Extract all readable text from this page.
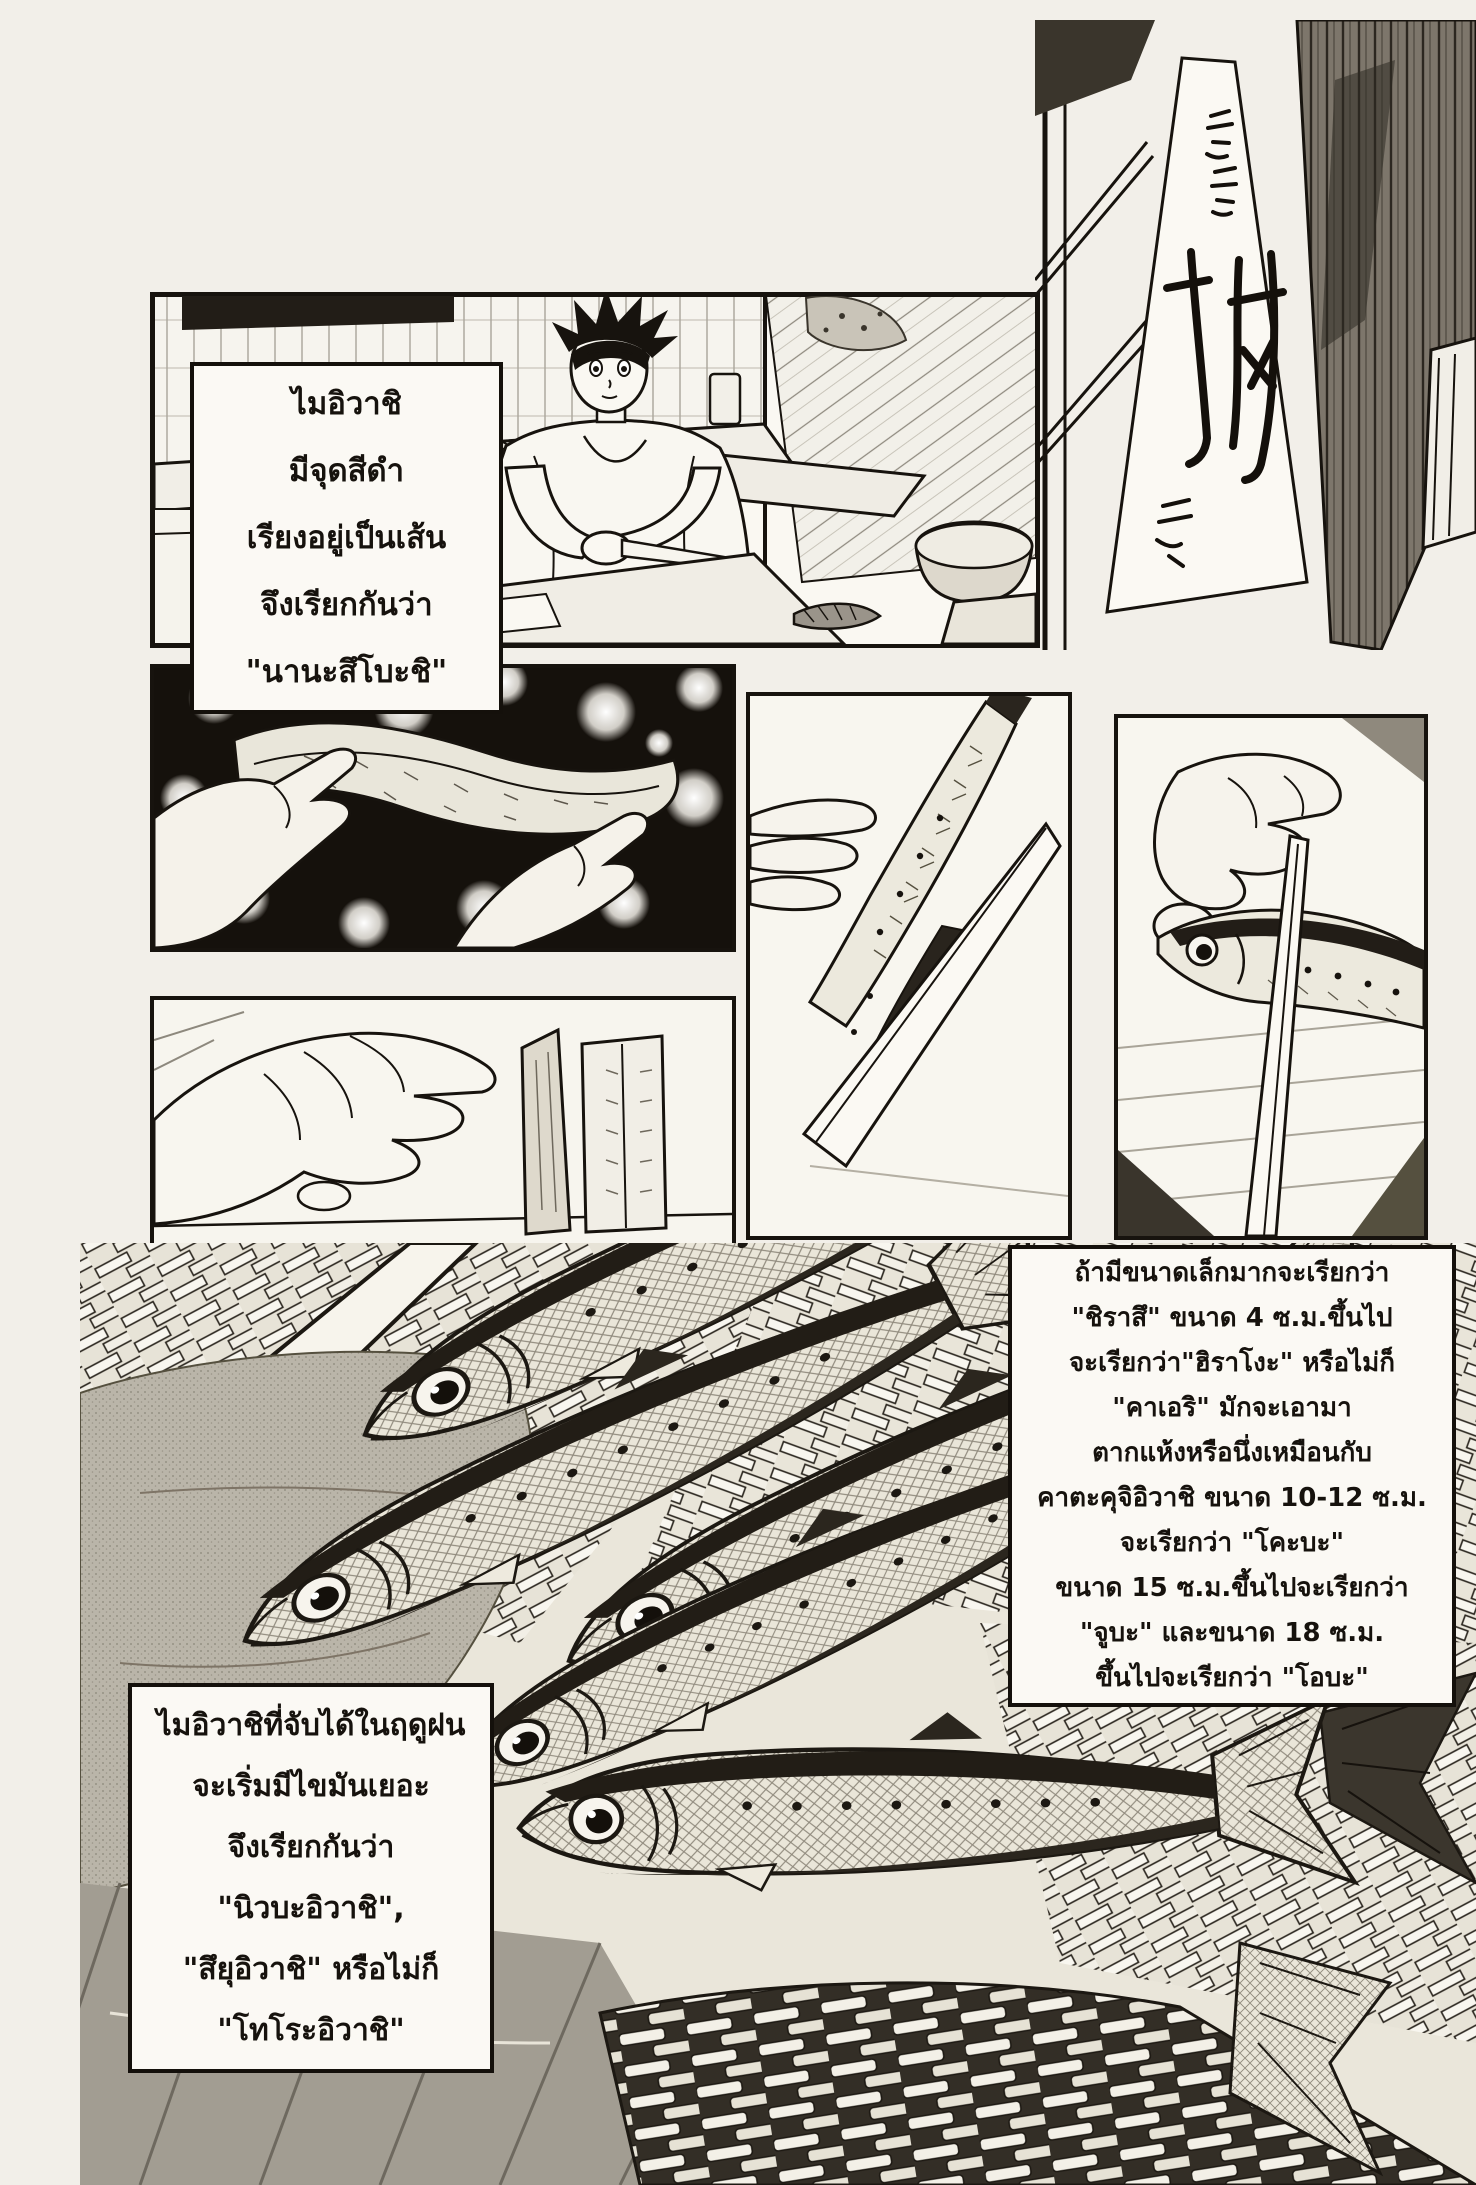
ไมอิวาชิ
มีจุดสีดำ
เรียงอยู่เป็นเส้น
จึงเรียกกันว่า
"นานะสึโบะชิ"
ถ้ามีขนาดเล็กมากจะเรียกว่า
"ชิราสึ" ขนาด 4 ซ.ม.ขึ้นไป
จะเรียกว่า"ฮิราโงะ" หรือไม่ก็
"คาเอริ" มักจะเอามา
ตากแห้งหรือนึ่งเหมือนกับ
คาตะคุจิอิวาชิ ขนาด 10-12 ซ.ม.
จะเรียกว่า "โคะบะ"
ขนาด 15 ซ.ม.ขึ้นไปจะเรียกว่า
"จูบะ" และขนาด 18 ซ.ม.
ขึ้นไปจะเรียกว่า "โอบะ"
ไมอิวาชิที่จับได้ในฤดูฝน
จะเริ่มมีไขมันเยอะ
จึงเรียกกันว่า
"นิวบะอิวาชิ",
"สึยุอิวาชิ" หรือไม่ก็
"โทโระอิวาชิ"
